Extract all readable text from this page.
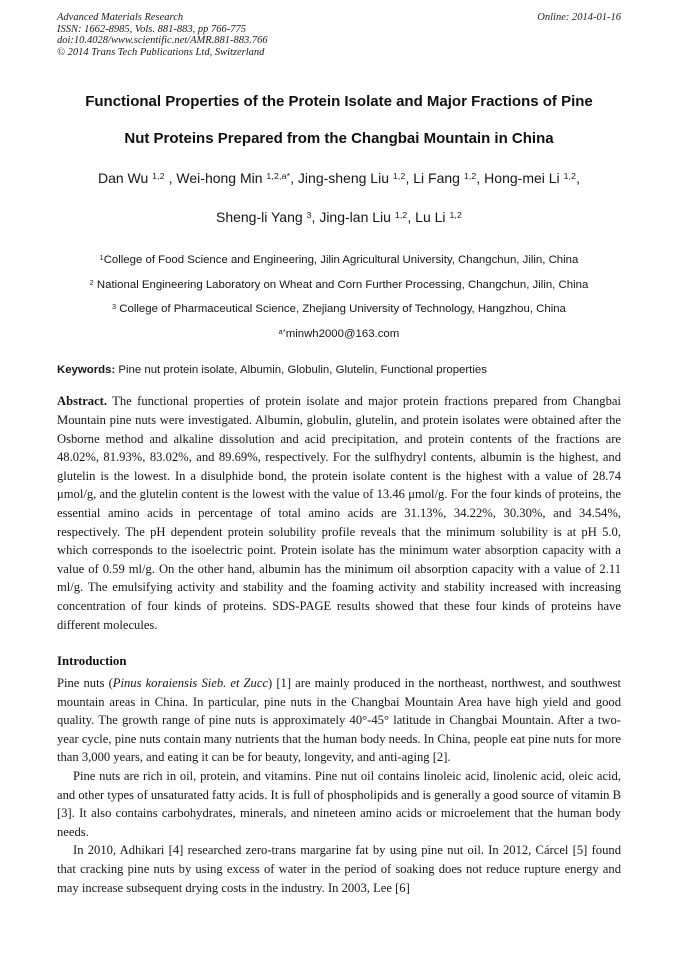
Advanced Materials Research
ISSN: 1662-8985, Vols. 881-883, pp 766-775
doi:10.4028/www.scientific.net/AMR.881-883.766
© 2014 Trans Tech Publications Ltd, Switzerland
Online: 2014-01-16
Functional Properties of the Protein Isolate and Major Fractions of Pine
Nut Proteins Prepared from the Changbai Mountain in China
Dan Wu $^{1,2}$ , Wei-hong Min $^{1,2,a*}$, Jing-sheng Liu $^{1,2}$, Li Fang $^{1,2}$, Hong-mei Li $^{1,2}$,
Sheng-li Yang $^3$, Jing-lan Liu $^{1,2}$, Lu Li $^{1,2}$
$^1$College of Food Science and Engineering, Jilin Agricultural University, Changchun, Jilin, China
$^2$ National Engineering Laboratory on Wheat and Corn Further Processing, Changchun, Jilin, China
$^3$ College of Pharmaceutical Science, Zhejiang University of Technology, Hangzhou, China
$^{a*}$minwh2000@163.com
Keywords: Pine nut protein isolate, Albumin, Globulin, Glutelin, Functional properties
Abstract. The functional properties of protein isolate and major protein fractions prepared from Changbai Mountain pine nuts were investigated. Albumin, globulin, glutelin, and protein isolates were obtained after the Osborne method and alkaline dissolution and acid precipitation, and protein contents of the fractions are 48.02%, 81.93%, 83.02%, and 89.69%, respectively. For the sulfhydryl contents, albumin is the highest, and glutelin is the lowest. In a disulphide bond, the protein isolate content is the highest with a value of 28.74 μmol/g, and the glutelin content is the lowest with the value of 13.46 μmol/g. For the four kinds of proteins, the essential amino acids in percentage of total amino acids are 31.13%, 34.22%, 30.30%, and 34.54%, respectively. The pH dependent protein solubility profile reveals that the minimum solubility is at pH 5.0, which corresponds to the isoelectric point. Protein isolate has the minimum water absorption capacity with a value of 0.59 ml/g. On the other hand, albumin has the minimum oil absorption capacity with a value of 2.11 ml/g. The emulsifying activity and stability and the foaming activity and stability increased with increasing concentration of four kinds of proteins. SDS-PAGE results showed that these four kinds of proteins have different molecules.
Introduction

Pine nuts (Pinus koraiensis Sieb. et Zucc) [1] are mainly produced in the northeast, northwest, and southwest mountain areas in China. In particular, pine nuts in the Changbai Mountain Area have high yield and good quality. The growth range of pine nuts is approximately 40°-45° latitude in Changbai Mountain. After a two-year cycle, pine nuts contain many nutrients that the human body needs. In China, people eat pine nuts for more than 3,000 years, and eating it can be for beauty, longevity, and anti-aging [2].

Pine nuts are rich in oil, protein, and vitamins. Pine nut oil contains linoleic acid, linolenic acid, oleic acid, and other types of unsaturated fatty acids. It is full of phospholipids and is generally a good source of vitamin B [3]. It also contains carbohydrates, minerals, and nineteen amino acids or microelement that the human body needs.

In 2010, Adhikari [4] researched zero-trans margarine fat by using pine nut oil. In 2012, Cárcel [5] found that cracking pine nuts by using excess of water in the period of soaking does not reduce rupture energy and may increase subsequent drying costs in the industry. In 2003, Lee [6]
